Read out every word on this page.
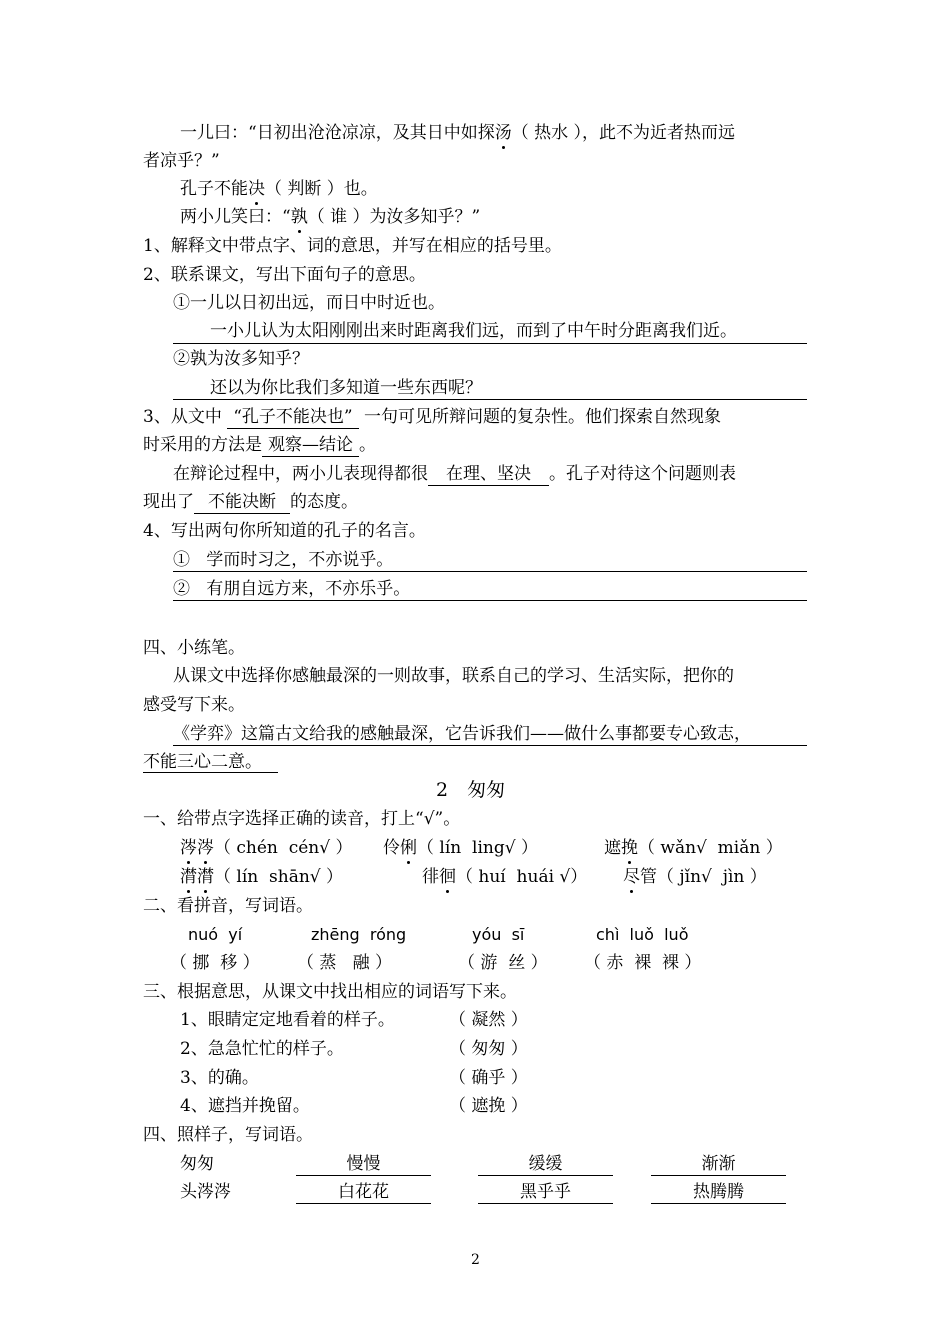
一儿曰：“日初出沧沧凉凉，及其日中如探汤（ 热水 ），此不为近者热而远
者凉乎？”
孔子不能决（ 判断 ）也。
两小儿笑曰：“孰（ 谁 ）为汝多知乎？”
1、解释文中带点字、词的意思，并写在相应的括号里。
2、联系课文，写出下面句子的意思。
①一儿以日初出远，而日中时近也。
一小儿认为太阳刚刚出来时距离我们远，而到了中午时分距离我们近。
②孰为汝多知乎？
还以为你比我们多知道一些东西呢？
3、从文中 “孔子不能决也” 一句可见所辩问题的复杂性。他们探索自然现象
时采用的方法是 观察—结论 。
在辩论过程中，两小儿表现得都很 在理、坚决 。孔子对待这个问题则表
现出了 不能决断 的态度。
4、写出两句你所知道的孔子的名言。
① 学而时习之，不亦说乎。
② 有朋自远方来，不亦乐乎。
四、小练笔。
从课文中选择你感触最深的一则故事，联系自己的学习、生活实际，把你的
感受写下来。
《学弈》这篇古文给我的感触最深，它告诉我们——做什么事都要专心致志，
不能三心二意。
2　匆匆
一、给带点字选择正确的读音，打上“√”。
涔涔（ chén  cén√ ） 伶俐（ lín  ling√ ）	遮挽（ wǎn√  miǎn ）
潸潸（ lín  shān√ ）	徘徊（ huí  huái √） 尽管（ jǐn√  jìn ）
二、看拼音，写词语。
nuó  yí	zhēng  róng	yóu  sī	chì  luǒ  luǒ
（ 挪  移 ） （ 蒸   融 ）	（ 游  丝 ） （ 赤  裸  裸 ）
三、根据意思，从课文中找出相应的词语写下来。
1、眼睛定定地看着的样子。	（ 凝然 ）
2、急急忙忙的样子。	（ 匆匆 ）
3、的确。	（ 确乎 ）
4、遮挡并挽留。	（ 遮挽 ）
四、照样子，写词语。
匆匆	慢慢	缓缓	渐渐
头涔涔	白花花	黑乎乎	热腾腾
2
